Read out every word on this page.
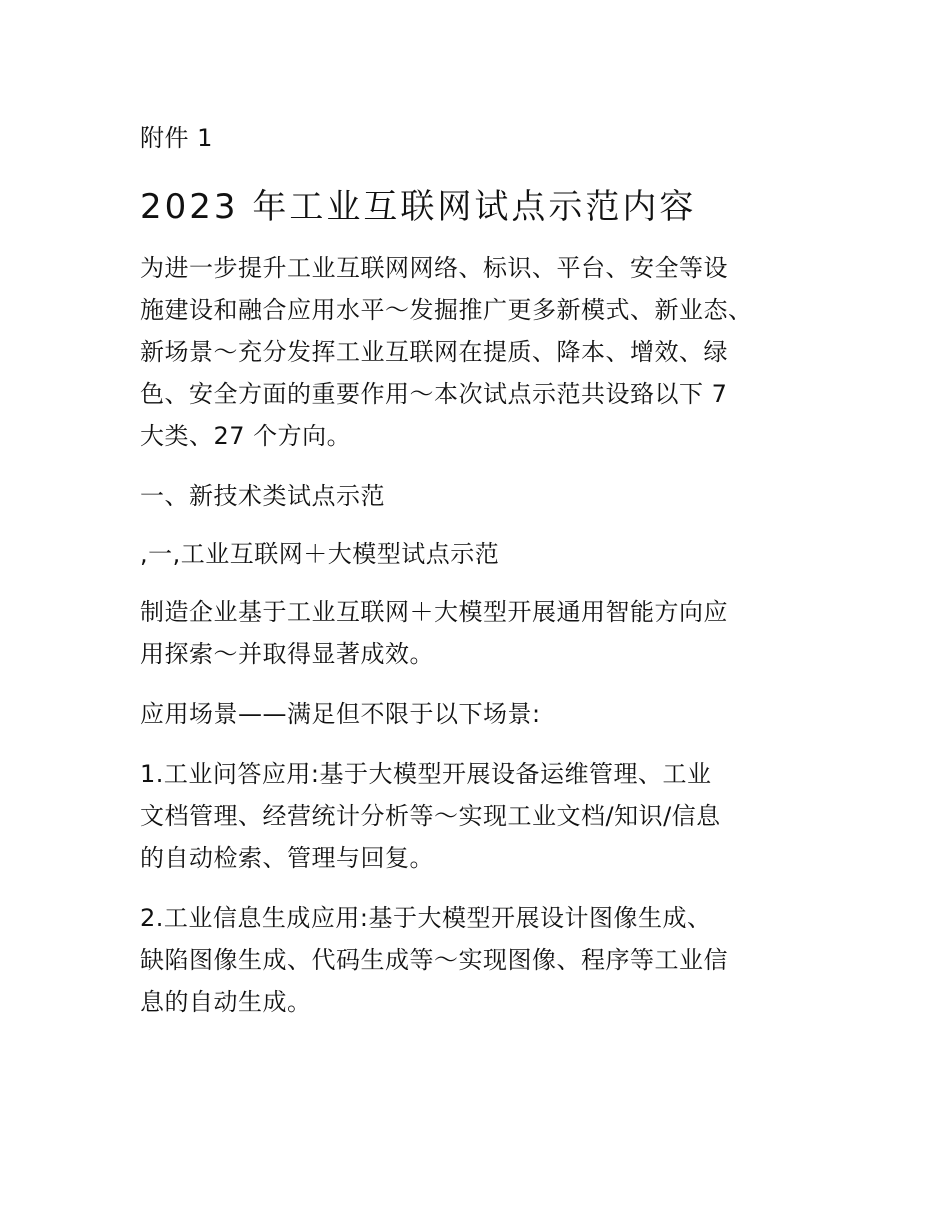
附件 1
2023 年工业互联网试点示范内容
为进一步提升工业互联网网络、标识、平台、安全等设
施建设和融合应用水平～发掘推广更多新模式、新业态、
新场景～充分发挥工业互联网在提质、降本、增效、绿
色、安全方面的重要作用～本次试点示范共设臵以下 7
大类、27 个方向。
一、新技术类试点示范
,一,工业互联网＋大模型试点示范
制造企业基于工业互联网＋大模型开展通用智能方向应
用探索～并取得显著成效。
应用场景——满足但不限于以下场景:
1.工业问答应用:基于大模型开展设备运维管理、工业
文档管理、经营统计分析等～实现工业文档/知识/信息
的自动检索、管理与回复。
2.工业信息生成应用:基于大模型开展设计图像生成、
缺陷图像生成、代码生成等～实现图像、程序等工业信
息的自动生成。
